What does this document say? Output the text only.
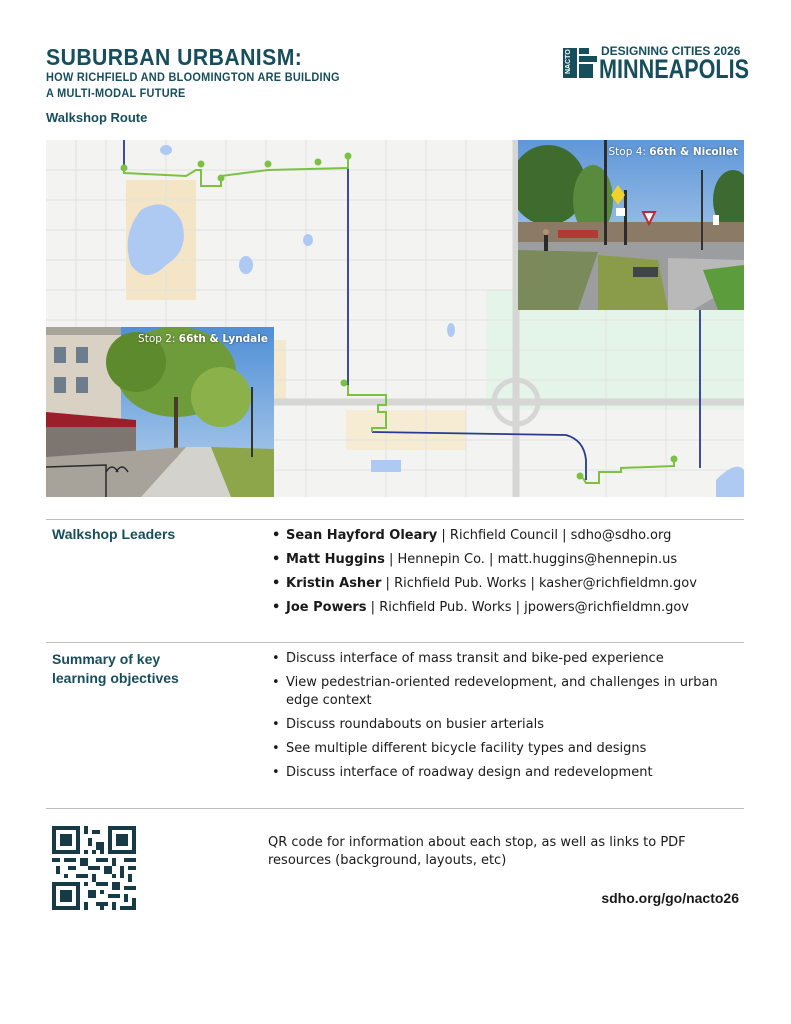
SUBURBAN URBANISM:
HOW RICHFIELD AND BLOOMINGTON ARE BUILDING
A MULTI-MODAL FUTURE
Walkshop Route
NACTO DESIGNING CITIES 2026
MINNEAPOLIS
Stop 4: 66th & Nicollet
Stop 2: 66th & Lyndale
Walkshop Leaders
•	Sean Hayford Oleary | Richfield Council | sdho@sdho.org
• Matt Huggins | Hennepin Co. | matt.huggins@hennepin.us
• Kristin Asher | Richfield Pub. Works | kasher@richfieldmn.gov
• Joe Powers | Richfield Pub. Works | jpowers@richfieldmn.gov
Summary of key
learning objectives
• Discuss interface of mass transit and bike-ped experience
• View pedestrian-oriented redevelopment, and challenges in urban edge context
• Discuss roundabouts on busier arterials
• See multiple different bicycle facility types and designs
• Discuss interface of roadway design and redevelopment
QR code for information about each stop, as well as links to PDF resources (background, layouts, etc)
sdho.org/go/nacto26
